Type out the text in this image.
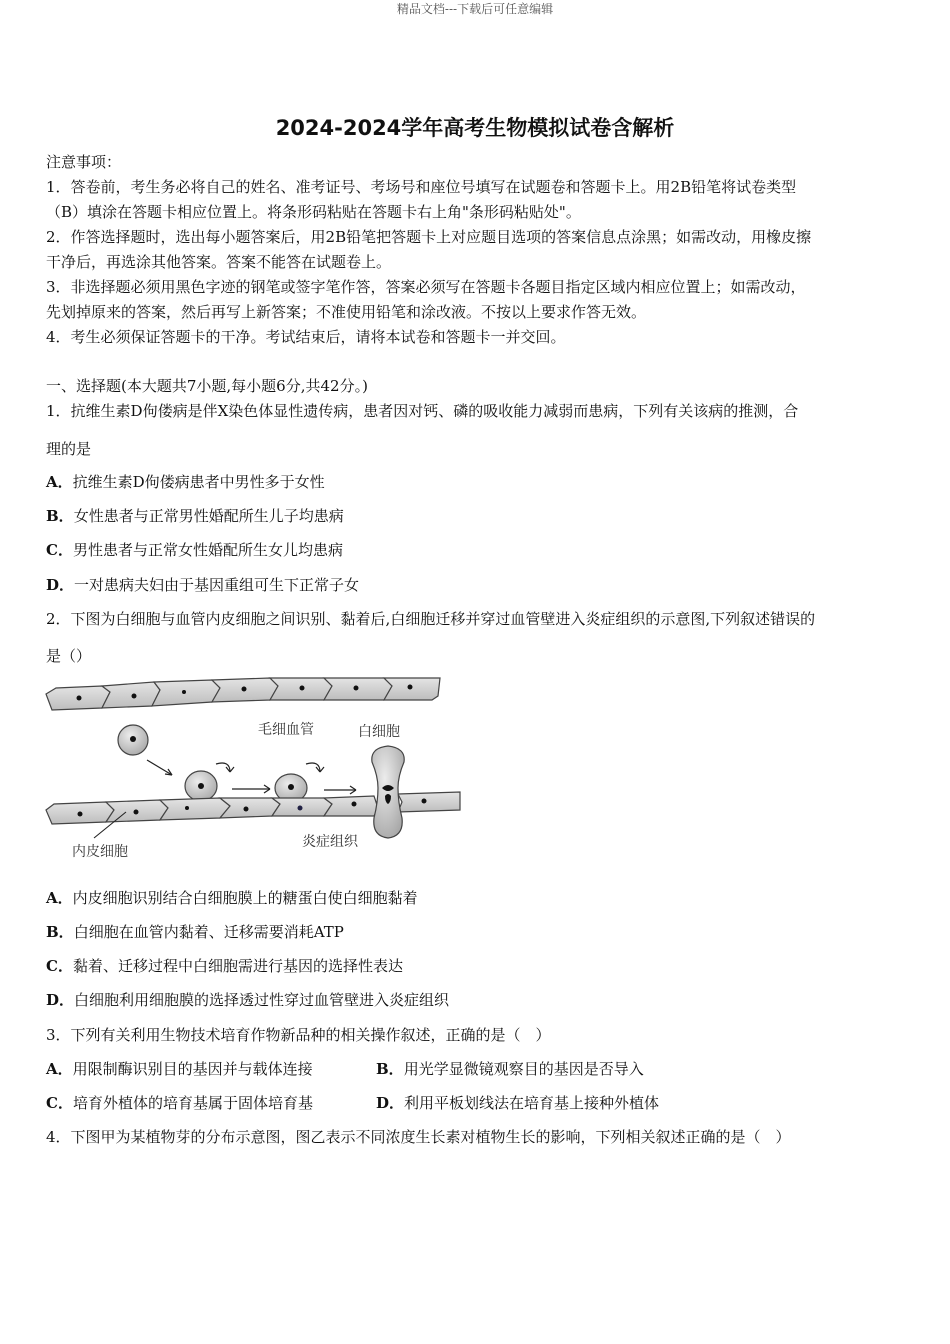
精品文档---下载后可任意编辑
2024-2024学年高考生物模拟试卷含解析
注意事项：
1．答卷前，考生务必将自己的姓名、准考证号、考场号和座位号填写在试题卷和答题卡上。用2B铅笔将试卷类型
（B）填涂在答题卡相应位置上。将条形码粘贴在答题卡右上角"条形码粘贴处"。
2．作答选择题时，选出每小题答案后，用2B铅笔把答题卡上对应题目选项的答案信息点涂黑；如需改动，用橡皮擦
干净后，再选涂其他答案。答案不能答在试题卷上。
3．非选择题必须用黑色字迹的钢笔或签字笔作答，答案必须写在答题卡各题目指定区域内相应位置上；如需改动，
先划掉原来的答案，然后再写上新答案；不准使用铅笔和涂改液。不按以上要求作答无效。
4．考生必须保证答题卡的干净。考试结束后，请将本试卷和答题卡一并交回。
一、选择题(本大题共7小题,每小题6分,共42分。)
1．抗维生素D佝偻病是伴X染色体显性遗传病，患者因对钙、磷的吸收能力减弱而患病，下列有关该病的推测，合
理的是
A．抗维生素D佝偻病患者中男性多于女性
B．女性患者与正常男性婚配所生儿子均患病
C．男性患者与正常女性婚配所生女儿均患病
D．一对患病夫妇由于基因重组可生下正常子女
2．下图为白细胞与血管内皮细胞之间识别、黏着后,白细胞迁移并穿过血管壁进入炎症组织的示意图,下列叙述错误的
是（）
毛细血管	白细胞
内皮细胞
炎症组织
A．内皮细胞识别结合白细胞膜上的糖蛋白使白细胞黏着
B．白细胞在血管内黏着、迁移需要消耗ATP
C．黏着、迁移过程中白细胞需进行基因的选择性表达
D．白细胞利用细胞膜的选择透过性穿过血管壁进入炎症组织
3．下列有关利用生物技术培育作物新品种的相关操作叙述，正确的是（　）
A．用限制酶识别目的基因并与载体连接	B．用光学显微镜观察目的基因是否导入
C．培育外植体的培育基属于固体培育基	D．利用平板划线法在培育基上接种外植体
4．下图甲为某植物芽的分布示意图，图乙表示不同浓度生长素对植物生长的影响，下列相关叙述正确的是（　）
